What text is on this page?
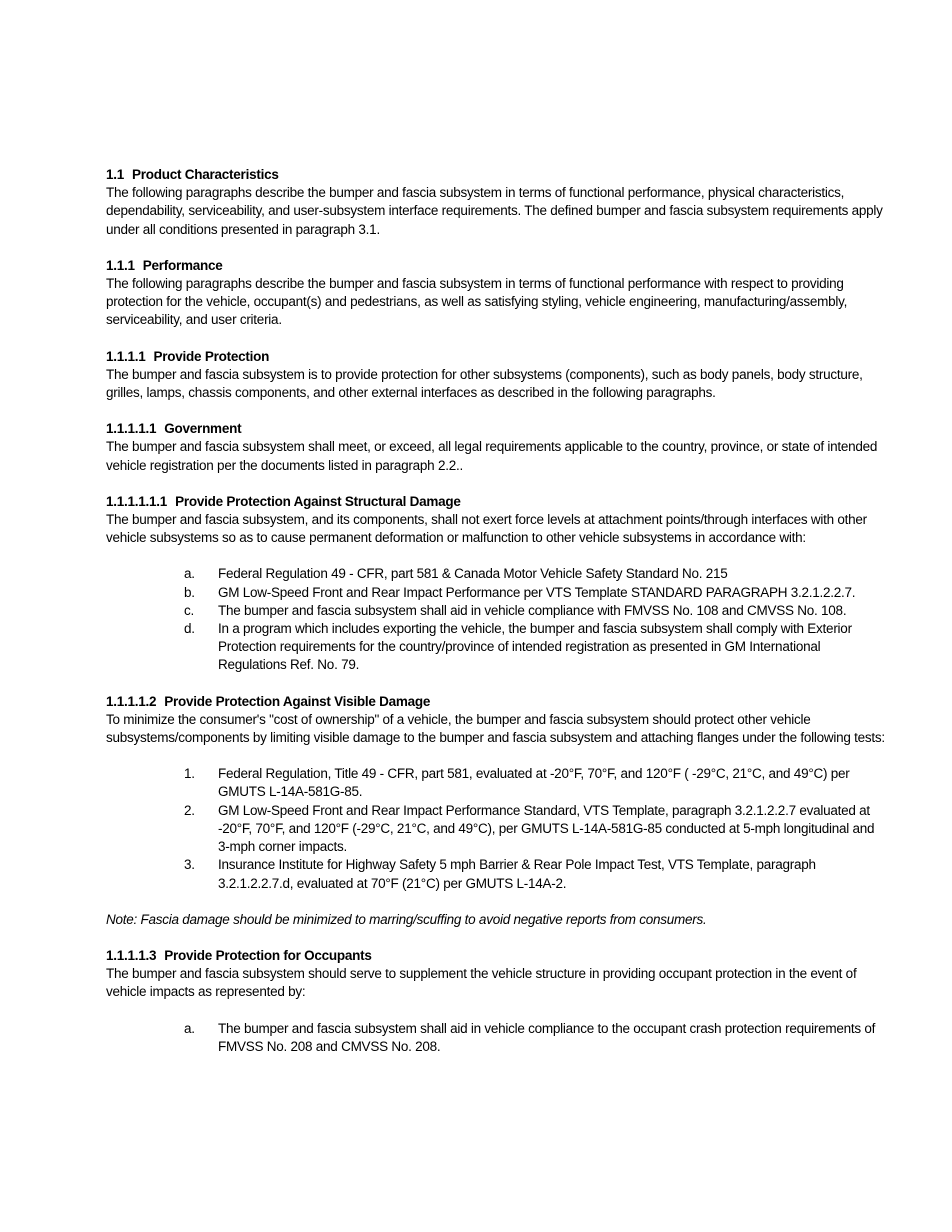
1.1 Product Characteristics

The following paragraphs describe the bumper and fascia subsystem in terms of functional performance, physical characteristics, dependability, serviceability, and user-subsystem interface requirements. The defined bumper and fascia subsystem requirements apply under all conditions presented in paragraph 3.1.

1.1.1 Performance

The following paragraphs describe the bumper and fascia subsystem in terms of functional performance with respect to providing protection for the vehicle, occupant(s) and pedestrians, as well as satisfying styling, vehicle engineering, manufacturing/assembly, serviceability, and user criteria.

1.1.1.1 Provide Protection

The bumper and fascia subsystem is to provide protection for other subsystems (components), such as body panels, body structure, grilles, lamps, chassis components, and other external interfaces as described in the following paragraphs.

1.1.1.1.1 Government

The bumper and fascia subsystem shall meet, or exceed, all legal requirements applicable to the country, province, or state of intended vehicle registration per the documents listed in paragraph 2.2..

1.1.1.1.1.1 Provide Protection Against Structural Damage

The bumper and fascia subsystem, and its components, shall not exert force levels at attachment points/through interfaces with other vehicle subsystems so as to cause permanent deformation or malfunction to other vehicle subsystems in accordance with:

a.	Federal Regulation 49 - CFR, part 581 & Canada Motor Vehicle Safety Standard No. 215
b.	GM Low-Speed Front and Rear Impact Performance per VTS Template STANDARD PARAGRAPH 3.2.1.2.2.7.
c.	The bumper and fascia subsystem shall aid in vehicle compliance with FMVSS No. 108 and CMVSS No. 108.
d.	In a program which includes exporting the vehicle, the bumper and fascia subsystem shall comply with Exterior Protection requirements for the country/province of intended registration as presented in GM International Regulations Ref. No. 79.
1.1.1.1.2 Provide Protection Against Visible Damage

To minimize the consumer's "cost of ownership" of a vehicle, the bumper and fascia subsystem should protect other vehicle subsystems/components by limiting visible damage to the bumper and fascia subsystem and attaching flanges under the following tests:

1.	Federal Regulation, Title 49 - CFR, part 581, evaluated at -20°F, 70°F, and 120°F ( -29°C, 21°C, and 49°C) per GMUTS L-14A-581G-85.
2.	GM Low-Speed Front and Rear Impact Performance Standard, VTS Template, paragraph 3.2.1.2.2.7 evaluated at -20°F, 70°F, and 120°F (-29°C, 21°C, and 49°C), per GMUTS L-14A-581G-85 conducted at 5-mph longitudinal and 3-mph corner impacts.
3.	Insurance Institute for Highway Safety 5 mph Barrier & Rear Pole Impact Test, VTS Template, paragraph 3.2.1.2.2.7.d, evaluated at 70°F (21°C) per GMUTS L-14A-2.

Note: Fascia damage should be minimized to marring/scuffing to avoid negative reports from consumers.

1.1.1.1.3 Provide Protection for Occupants

The bumper and fascia subsystem should serve to supplement the vehicle structure in providing occupant protection in the event of vehicle impacts as represented by:

a.	The bumper and fascia subsystem shall aid in vehicle compliance to the occupant crash protection requirements of FMVSS No. 208 and CMVSS No. 208.
